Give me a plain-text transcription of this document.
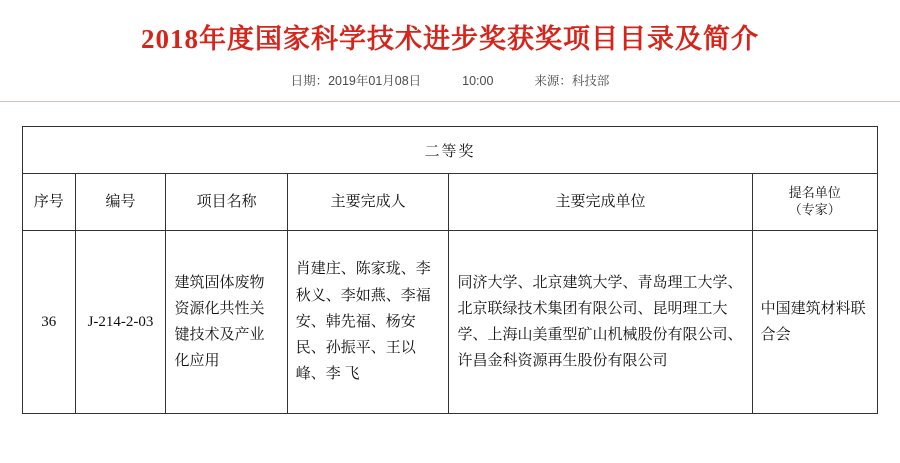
2018年度国家科学技术进步奖获奖项目目录及简介
日期：2019年01月08日	10:00	来源：科技部
二等奖					
序号	编号	项目名称	主要完成人	主要完成单位	提名单位
（专家）

36	J-214-2-03	建筑固体废物资源化共性关键技术及产业化应用	肖建庄、陈家珑、李秋义、李如燕、李福安、韩先福、杨安民、孙振平、王以峰、李 飞	同济大学、北京建筑大学、青岛理工大学、北京联绿技术集团有限公司、昆明理工大学、上海山美重型矿山机械股份有限公司、许昌金科资源再生股份有限公司	中国建筑材料联合会
